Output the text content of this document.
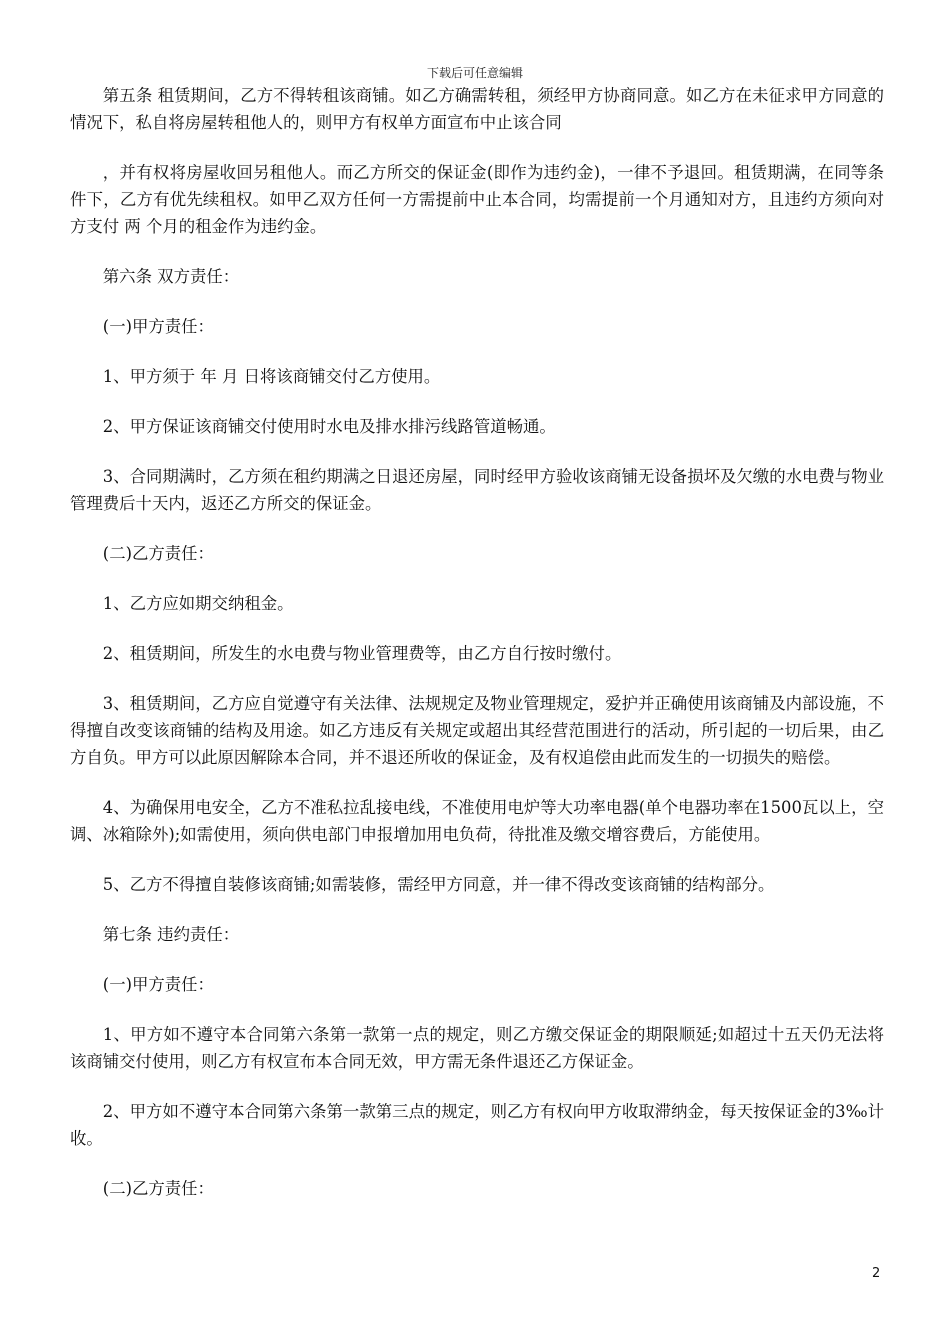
下载后可任意编辑

第五条 租赁期间，乙方不得转租该商铺。如乙方确需转租，须经甲方协商同意。如乙方在未征求甲方同意的情况下，私自将房屋转租他人的，则甲方有权单方面宣布中止该合同

，并有权将房屋收回另租他人。而乙方所交的保证金(即作为违约金)，一律不予退回。租赁期满，在同等条件下，乙方有优先续租权。如甲乙双方任何一方需提前中止本合同，均需提前一个月通知对方，且违约方须向对方支付 两 个月的租金作为违约金。

第六条 双方责任：

(一)甲方责任：

1、甲方须于 年 月 日将该商铺交付乙方使用。

2、甲方保证该商铺交付使用时水电及排水排污线路管道畅通。

3、合同期满时，乙方须在租约期满之日退还房屋，同时经甲方验收该商铺无设备损坏及欠缴的水电费与物业管理费后十天内，返还乙方所交的保证金。

(二)乙方责任：

1、乙方应如期交纳租金。

2、租赁期间，所发生的水电费与物业管理费等，由乙方自行按时缴付。

3、租赁期间，乙方应自觉遵守有关法律、法规规定及物业管理规定，爱护并正确使用该商铺及内部设施，不得擅自改变该商铺的结构及用途。如乙方违反有关规定或超出其经营范围进行的活动，所引起的一切后果，由乙方自负。甲方可以此原因解除本合同，并不退还所收的保证金，及有权追偿由此而发生的一切损失的赔偿。

4、为确保用电安全，乙方不准私拉乱接电线，不准使用电炉等大功率电器(单个电器功率在1500瓦以上，空调、冰箱除外);如需使用，须向供电部门申报增加用电负荷，待批准及缴交增容费后，方能使用。

5、乙方不得擅自装修该商铺;如需装修，需经甲方同意，并一律不得改变该商铺的结构部分。

第七条 违约责任：

(一)甲方责任：

1、甲方如不遵守本合同第六条第一款第一点的规定，则乙方缴交保证金的期限顺延;如超过十五天仍无法将该商铺交付使用，则乙方有权宣布本合同无效，甲方需无条件退还乙方保证金。

2、甲方如不遵守本合同第六条第一款第三点的规定，则乙方有权向甲方收取滞纳金，每天按保证金的3‰计收。

(二)乙方责任：

2
